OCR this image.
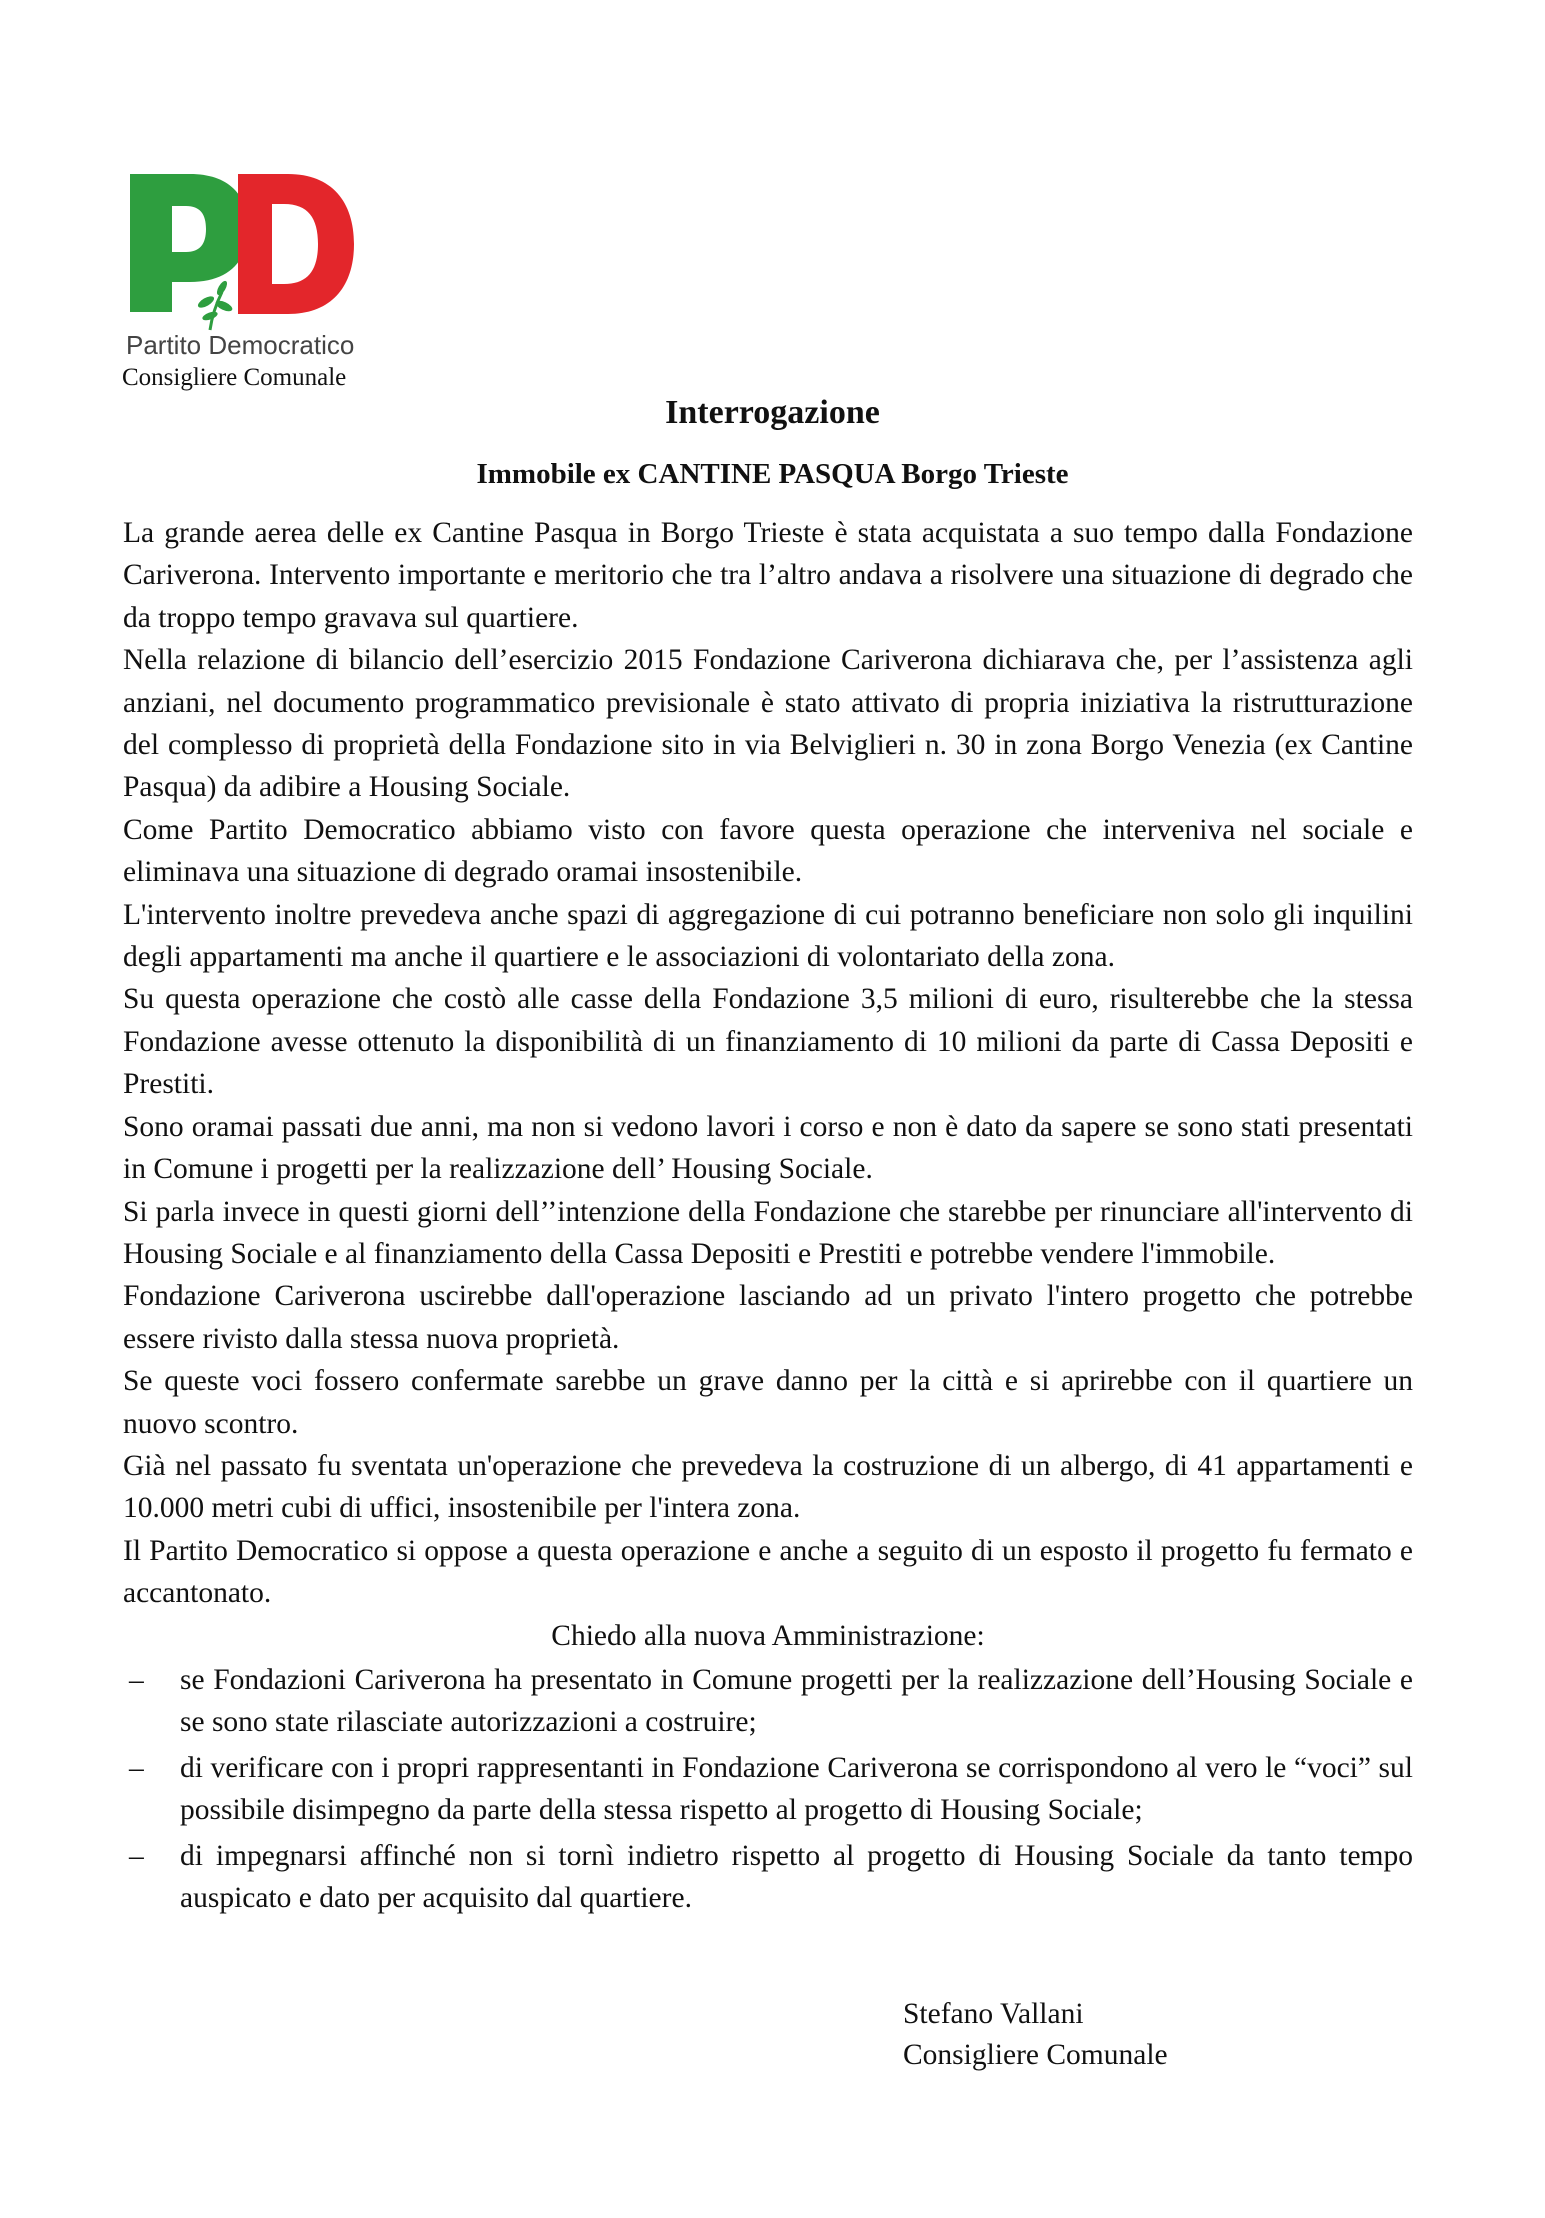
Partito Democratico
Consigliere Comunale
Interrogazione
Immobile ex CANTINE PASQUA Borgo Trieste

La grande aerea delle ex Cantine Pasqua in Borgo Trieste è stata acquistata a suo tempo dalla Fondazione Cariverona. Intervento importante e meritorio che tra l’altro andava a risolvere una situazione di degrado che da troppo tempo gravava sul quartiere.

Nella relazione di bilancio dell’esercizio 2015 Fondazione Cariverona dichiarava che, per l’assistenza agli anziani, nel documento programmatico previsionale è stato attivato di propria iniziativa la ristrutturazione del complesso di proprietà della Fondazione sito in via Belviglieri n. 30 in zona Borgo Venezia (ex Cantine Pasqua) da adibire a Housing Sociale.

Come Partito Democratico abbiamo visto con favore questa operazione che interveniva nel sociale e eliminava una situazione di degrado oramai insostenibile.

L'intervento inoltre prevedeva anche spazi di aggregazione di cui potranno beneficiare non solo gli inquilini degli appartamenti ma anche il quartiere e le associazioni di volontariato della zona.

Su questa operazione che costò alle casse della Fondazione 3,5 milioni di euro, risulterebbe che la stessa Fondazione avesse ottenuto la disponibilità di un finanziamento di 10 milioni da parte di Cassa Depositi e Prestiti.

Sono oramai passati due anni, ma non si vedono lavori i corso e non è dato da sapere se sono stati presentati in Comune i progetti per la realizzazione dell’ Housing Sociale.

Si parla invece in questi giorni dell’’intenzione della Fondazione che starebbe per rinunciare all'intervento di Housing Sociale e al finanziamento della Cassa Depositi e Prestiti e potrebbe vendere l'immobile.

Fondazione Cariverona uscirebbe dall'operazione lasciando ad un privato l'intero progetto che potrebbe essere rivisto dalla stessa nuova proprietà.

Se queste voci fossero confermate sarebbe un grave danno per la città e si aprirebbe con il quartiere un nuovo scontro.

Già nel passato fu sventata un'operazione che prevedeva la costruzione di un albergo, di 41 appartamenti e 10.000 metri cubi di uffici, insostenibile per l'intera zona.

Il Partito Democratico si oppose a questa operazione e anche a seguito di un esposto il progetto fu fermato e accantonato.

Chiedo alla nuova Amministrazione:

– se Fondazioni Cariverona ha presentato in Comune progetti per la realizzazione dell’Housing Sociale e se sono state rilasciate autorizzazioni a costruire;
– di verificare con i propri rappresentanti in Fondazione Cariverona se corrispondono al vero le “voci” sul possibile disimpegno da parte della stessa rispetto al progetto di Housing Sociale;
– di impegnarsi affinché non si tornì indietro rispetto al progetto di Housing Sociale da tanto tempo auspicato e dato per acquisito dal quartiere.
Stefano Vallani
Consigliere Comunale
